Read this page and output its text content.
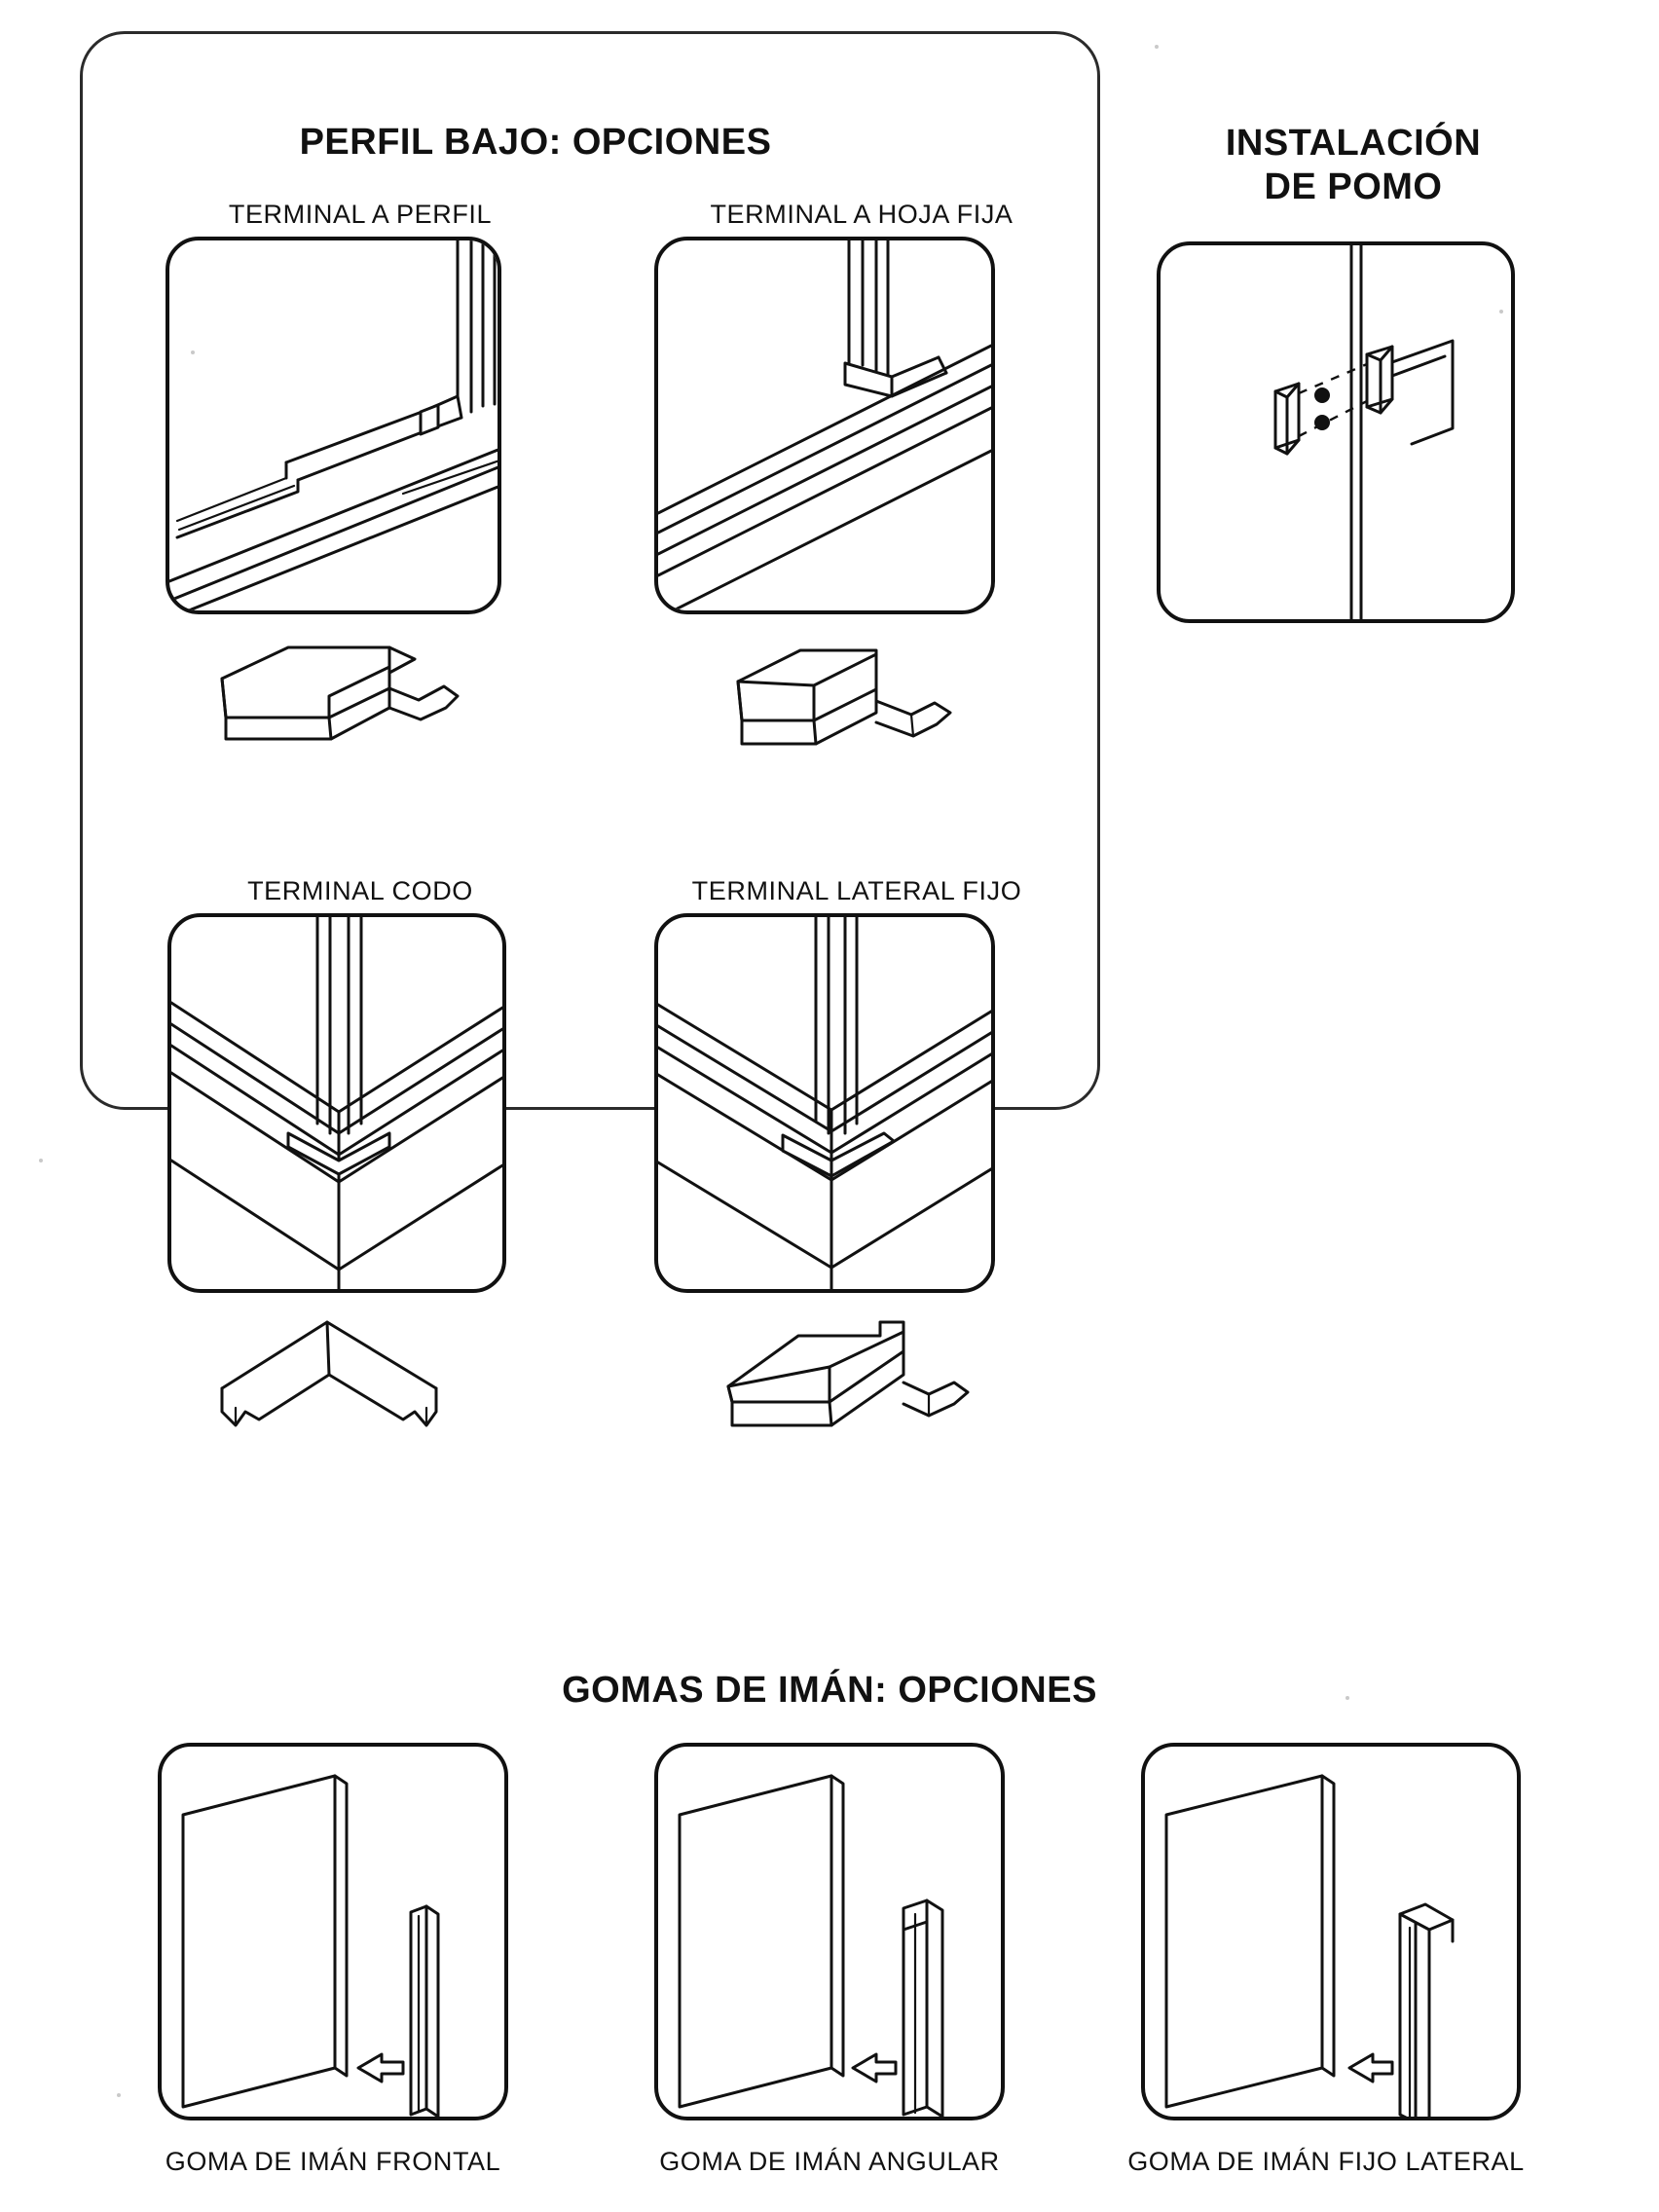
PERFIL BAJO: OPCIONES
TERMINAL A PERFIL	TERMINAL A HOJA FIJA
TERMINAL CODO	TERMINAL LATERAL FIJO
INSTALACIÓN
DE POMO
GOMAS DE IMÁN: OPCIONES
GOMA DE IMÁN FRONTAL	GOMA DE IMÁN ANGULAR	GOMA DE IMÁN FIJO LATERAL
